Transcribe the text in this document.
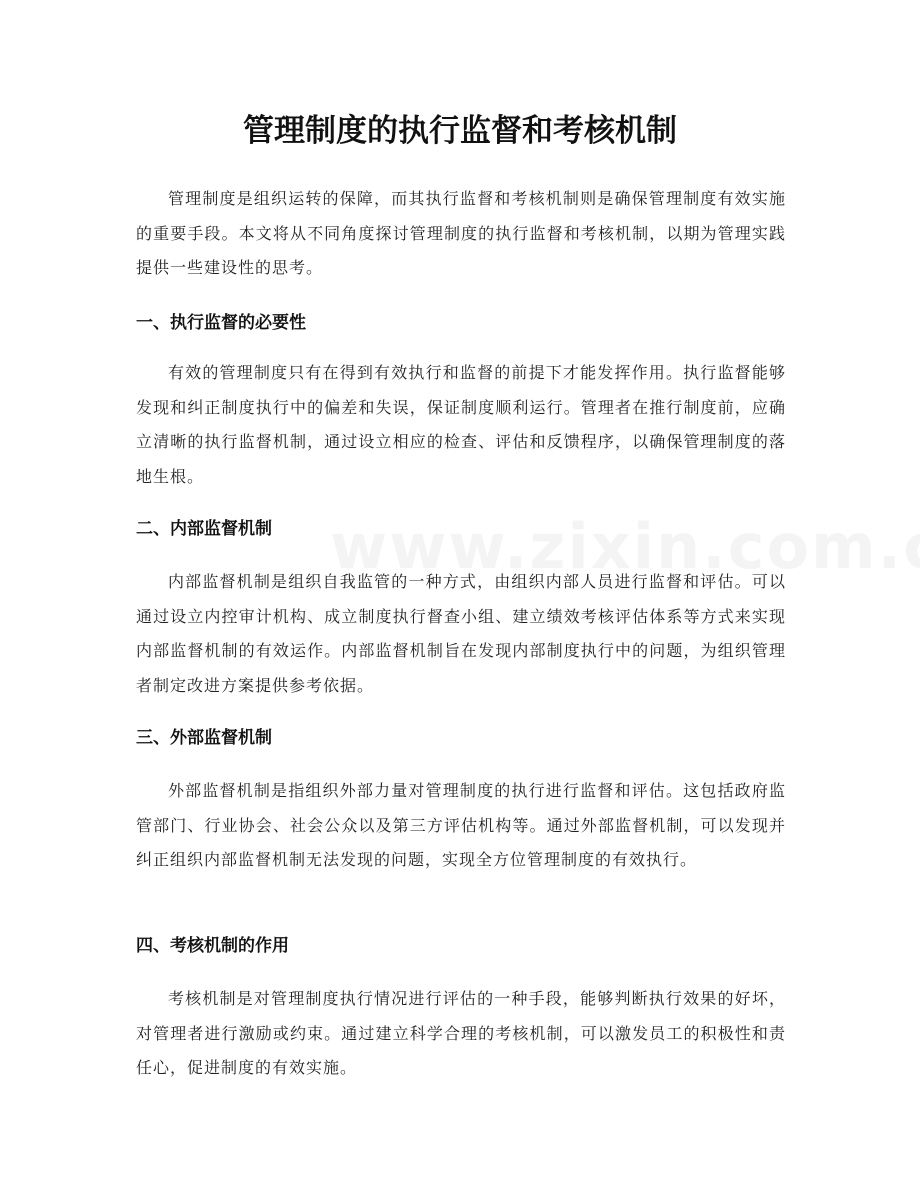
管理制度的执行监督和考核机制

管理制度是组织运转的保障，而其执行监督和考核机制则是确保管理制度有效实施的重要手段。本文将从不同角度探讨管理制度的执行监督和考核机制，以期为管理实践提供一些建设性的思考。

一、执行监督的必要性

有效的管理制度只有在得到有效执行和监督的前提下才能发挥作用。执行监督能够发现和纠正制度执行中的偏差和失误，保证制度顺利运行。管理者在推行制度前，应确立清晰的执行监督机制，通过设立相应的检查、评估和反馈程序，以确保管理制度的落地生根。

二、内部监督机制

内部监督机制是组织自我监管的一种方式，由组织内部人员进行监督和评估。可以通过设立内控审计机构、成立制度执行督查小组、建立绩效考核评估体系等方式来实现内部监督机制的有效运作。内部监督机制旨在发现内部制度执行中的问题，为组织管理者制定改进方案提供参考依据。

三、外部监督机制

外部监督机制是指组织外部力量对管理制度的执行进行监督和评估。这包括政府监管部门、行业协会、社会公众以及第三方评估机构等。通过外部监督机制，可以发现并纠正组织内部监督机制无法发现的问题，实现全方位管理制度的有效执行。

四、考核机制的作用

考核机制是对管理制度执行情况进行评估的一种手段，能够判断执行效果的好坏，对管理者进行激励或约束。通过建立科学合理的考核机制，可以激发员工的积极性和责任心，促进制度的有效实施。
